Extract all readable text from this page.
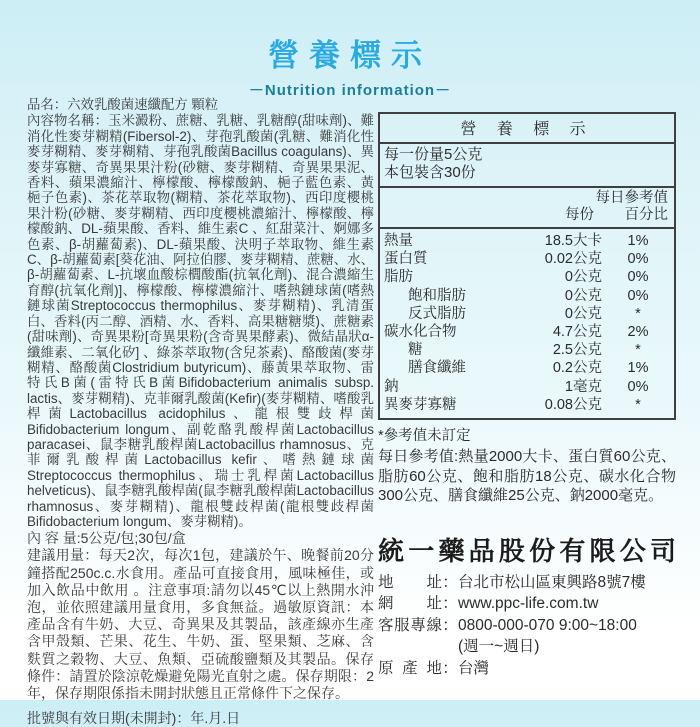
營養標示
－Nutrition information－

品名：六效乳酸菌速纖配方 顆粒

內容物名稱：玉米澱粉、蔗糖、乳糖、乳糖醇(甜味劑)、難消化性麥芽糊精(Fibersol-2)、芽孢乳酸菌(乳糖、難消化性麥芽糊精、麥芽糊精、芽孢乳酸菌Bacillus coagulans)、異麥芽寡糖、奇異果果汁粉(砂糖、麥芽糊精、奇異果果泥、香料、蘋果濃縮汁、檸檬酸、檸檬酸鈉、梔子藍色素、黃梔子色素)、茶花萃取物(糊精、茶花萃取物)、西印度櫻桃果汁粉(砂糖、麥芽糊精、西印度櫻桃濃縮汁、檸檬酸、檸檬酸鈉、DL-蘋果酸、香料、維生素C 、紅甜菜汁、婀娜多色素、β-胡蘿蔔素)、DL-蘋果酸、決明子萃取物、維生素C、β-胡蘿蔔素[葵花油、阿拉伯膠、麥芽糊精、蔗糖、水、β-胡蘿蔔素、L-抗壞血酸棕櫚酸酯(抗氧化劑)、混合濃縮生育醇(抗氧化劑)]、檸檬酸、檸檬濃縮汁、嗜熱鏈球菌(嗜熱鏈球菌Streptococcus thermophilus、麥芽糊精)、乳清蛋白、香料(丙二醇、酒精、水、香料、高果糖糖漿)、蔗糖素(甜味劑)、奇異果粉[奇異果粉(含奇異果酵素)、微結晶狀α-纖維素、二氧化矽] 、綠茶萃取物(含兒茶素)、酪酸菌(麥芽糊精、酪酸菌Clostridium butyricum)、藤黃果萃取物、雷特氏B菌(雷特氏B菌Bifidobacterium animalis subsp. lactis、麥芽糊精)、克菲爾乳酸菌(Kefir)(麥芽糊精、嗜酸乳桿菌Lactobacillus acidophilus、龍根雙歧桿菌Bifidobacterium longum、副乾酪乳酸桿菌Lactobacillus paracasei、鼠李糖乳酸桿菌Lactobacillus rhamnosus、克菲爾乳酸桿菌Lactobacillus kefir、嗜熱鏈球菌Streptococcus thermophilus、瑞士乳桿菌Lactobacillus helveticus)、鼠李糖乳酸桿菌(鼠李糖乳酸桿菌Lactobacillus rhamnosus、麥芽糊精)、龍根雙歧桿菌(龍根雙歧桿菌Bifidobacterium longum、麥芽糊精)。

內 容 量:5公克/包;30包/盒

建議用量：每天2次，每次1包，建議於午、晚餐前20分鐘搭配250c.c.水食用。產品可直接食用，風味極佳，或加入飲品中飲用 。注意事項:請勿以45℃以上熱開水沖泡，並依照建議用量食用，多食無益。過敏原資訊：本產品含有牛奶、大豆、奇異果及其製品，該產線亦生產含甲殼類、芒果、花生、牛奶、蛋、堅果類、芝麻、含麩質之穀物、大豆、魚類、亞硫酸鹽類及其製品。保存條件：請置於陰涼乾燥避免陽光直射之處。保存期限：2年，保存期限係指未開封狀態且正常條件下之保存。

批號與有效日期(未開封)：年.月.日

營 養 標 示
每一份量5公克
本包裝含30份
每日參考值
每份	百分比
熱量	18.5大卡	1%
蛋白質	0.02公克	0%
脂肪	0公克	0%
飽和脂肪	0公克	0%
反式脂肪	0公克	*
碳水化合物	4.7公克	2%
糖	2.5公克	*
膳食纖維	0.2公克	1%
鈉	1毫克	0%
異麥芽寡糖	0.08公克	*

*參考值未訂定

每日參考值:熱量2000大卡、蛋白質60公克、脂肪60公克、飽和脂肪18公克、碳水化合物300公克、膳食纖維25公克、鈉2000毫克。

統一藥品股份有限公司
地址 ： 台北市松山區東興路8號7樓
網址 ： www.ppc-life.com.tw
客服專線 ： 0800-000-070 9:00~18:00
(週一~週日)
原產地 ： 台灣
